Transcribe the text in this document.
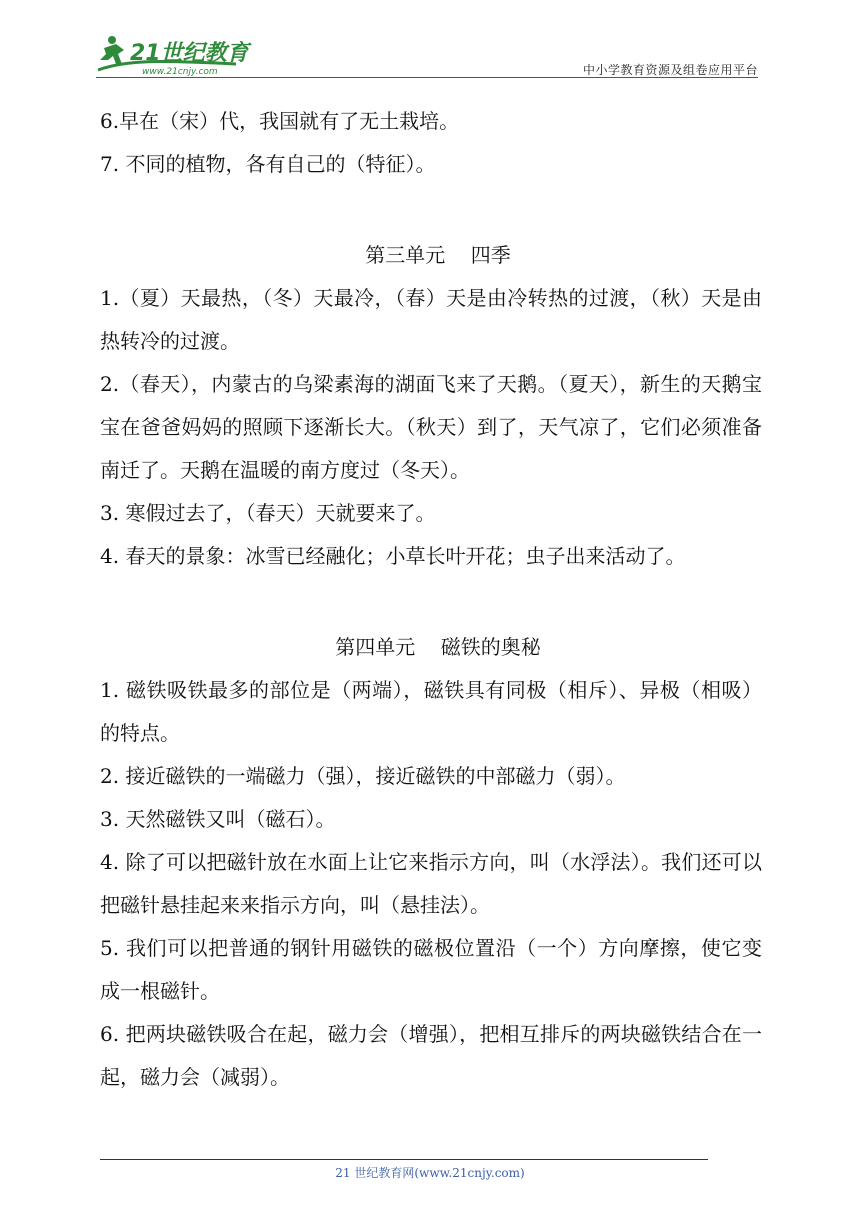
21世纪教育
www.21cnjy.com	中小学教育资源及组卷应用平台

6.早在（宋）代，我国就有了无土栽培。

7. 不同的植物，各有自己的（特征）。

第三单元    四季

1.（夏）天最热，（冬）天最冷，（春）天是由冷转热的过渡，（秋）天是由热转冷的过渡。

2.（春天），内蒙古的乌梁素海的湖面飞来了天鹅。（夏天），新生的天鹅宝宝在爸爸妈妈的照顾下逐渐长大。（秋天）到了，天气凉了，它们必须准备南迁了。天鹅在温暖的南方度过（冬天）。

3. 寒假过去了，（春天）天就要来了。

4. 春天的景象：冰雪已经融化；小草长叶开花；虫子出来活动了。

第四单元    磁铁的奥秘

1. 磁铁吸铁最多的部位是（两端），磁铁具有同极（相斥）、异极（相吸）的特点。

2. 接近磁铁的一端磁力（强），接近磁铁的中部磁力（弱）。

3. 天然磁铁又叫（磁石）。

4. 除了可以把磁针放在水面上让它来指示方向，叫（水浮法）。我们还可以把磁针悬挂起来来指示方向，叫（悬挂法）。

5. 我们可以把普通的钢针用磁铁的磁极位置沿（一个）方向摩擦，使它变成一根磁针。

6. 把两块磁铁吸合在起，磁力会（增强），把相互排斥的两块磁铁结合在一起，磁力会（减弱）。

21 世纪教育网(www.21cnjy.com)
